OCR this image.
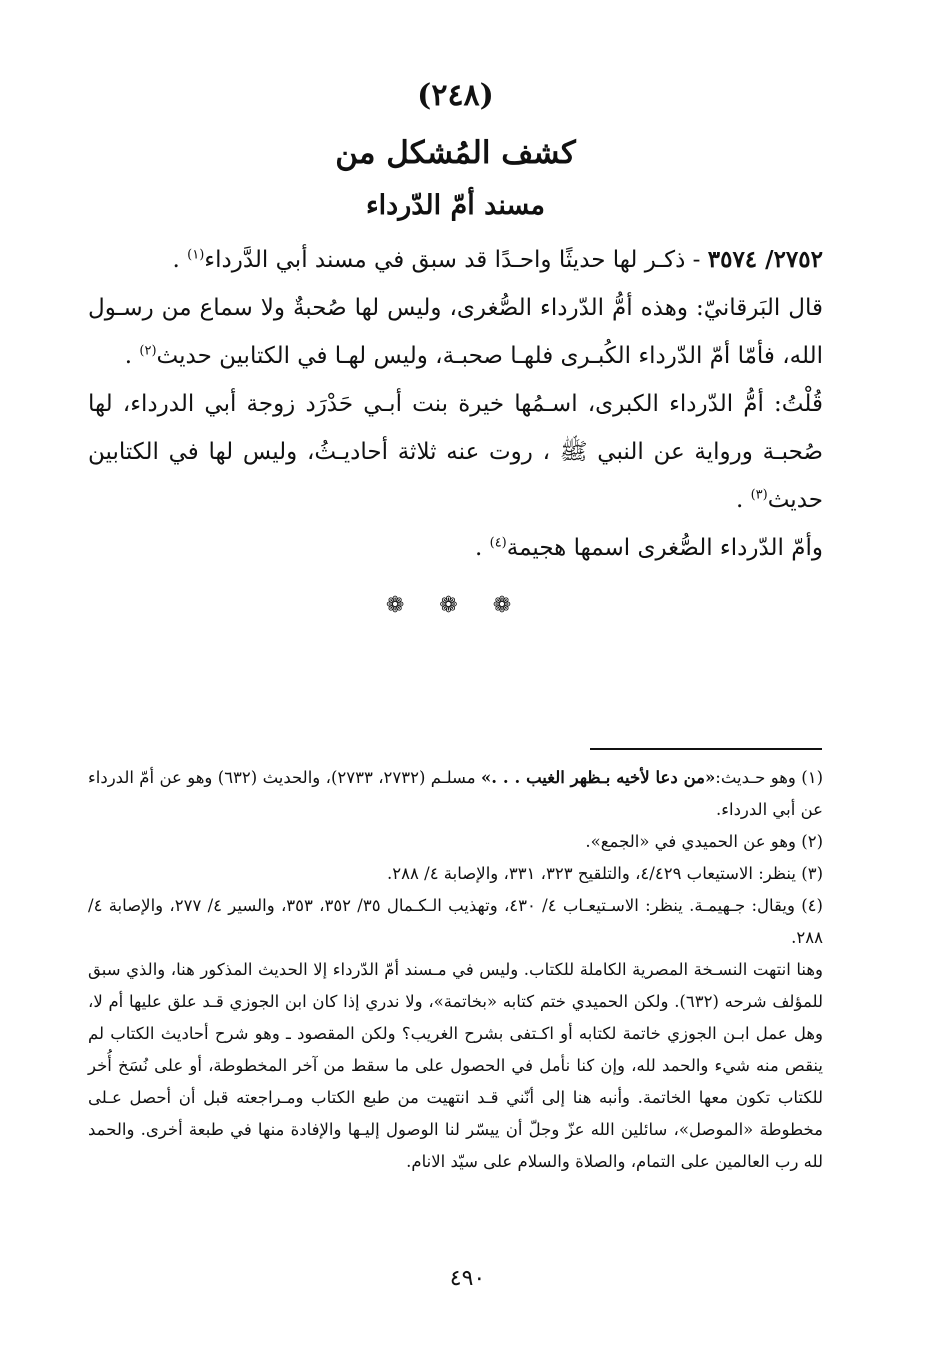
(٢٤٨)
كشف المُشكل من
مسند أمّ الدّرداء

٢٧٥٢/ ٣٥٧٤ - ذكـر لها حديثًا واحـدًا قد سبق في مسند أبي الدَّرداء$^{(١)}$ .

قال البَرقانيّ: وهذه أمُّ الدّرداء الصُّغرى، وليس لها صُحبةٌ ولا سماع من رسـول الله، فأمّا أمّ الدّرداء الكُبـرى فلهـا صحبـة، وليس لهـا في الكتابين حديث$^{(٢)}$ .

قُلْتُ: أمُّ الدّرداء الكبرى، اسـمُها خيرة بنت أبـي حَدْرَد زوجة أبي الدرداء، لها صُحبـة ورواية عن النبي ﷺ ، روت عنه ثلاثة أحاديـثُ، وليس لها في الكتابين حديث$^{(٣)}$ .

وأمّ الدّرداء الصُّغرى اسمها هجيمة$^{(٤)}$ .

❁ ❁ ❁

(١) وهو حـديث:«من دعا لأخيه بـظهر الغيب . . .» مسلـم (٢٧٣٢، ٢٧٣٣)، والحديث (٦٣٢) وهو عن أمّ الدرداء عن أبي الدرداء.

(٢) وهو عن الحميدي في «الجمع».

(٣) ينظر: الاستيعاب ٤/٤٢٩، والتلقيح ٣٢٣، ٣٣١، والإصابة ٤/ ٢٨٨.

(٤) ويقال: جـهيمـة. ينظر: الاسـتيعـاب ٤/ ٤٣٠، وتهذيب الـكـمال ٣٥/ ٣٥٢، ٣٥٣، والسير ٤/ ٢٧٧، والإصابة ٤/ ٢٨٨.

وهنا انتهت النسـخة المصرية الكاملة للكتاب. وليس في مـسند أمّ الدّرداء إلا الحديث المذكور هنا، والذي سبق للمؤلف شرحه (٦٣٢). ولكن الحميدي ختم كتابه «بخاتمة»، ولا ندري إذا كان ابن الجوزي قـد علق عليها أم لا، وهل عمل ابـن الجوزي خاتمة لكتابه أو اكـتفى بشرح الغريب؟ ولكن المقصود ـ وهو شرح أحاديث الكتاب لم ينقص منه شيء والحمد لله، وإن كنا نأمل في الحصول على ما سقط من آخر المخطوطة، أو على نُسَخ أُخر للكتاب تكون معها الخاتمة. وأنبه هنا إلى أنّني قـد انتهيت من طبع الكتاب ومـراجعته قبل أن أحصل عـلى مخطوطة «الموصل»، سائلين الله عزّ وجلّ أن ييسّر لنا الوصول إليـها والإفادة منها في طبعة أخرى. والحمد لله رب العالمين على التمام، والصلاة والسلام على سيّد الانام.

٤٩٠
